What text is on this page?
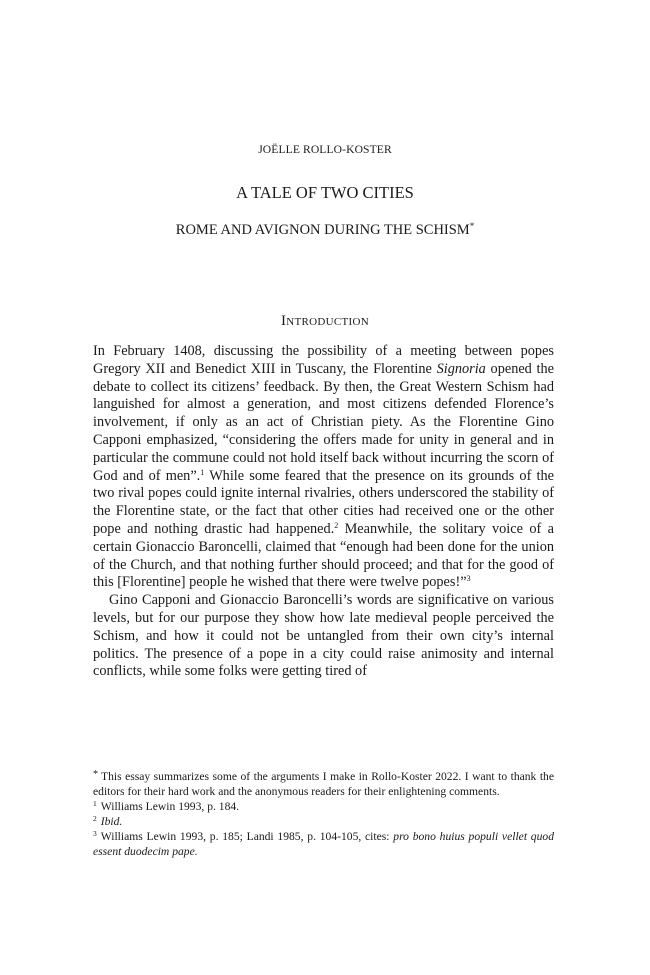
JOËLLE ROLLO-KOSTER

A TALE OF TWO CITIES
ROME AND AVIGNON DURING THE SCHISM*
Introduction

In February 1408, discussing the possibility of a meeting between popes Gregory XII and Benedict XIII in Tuscany, the Florentine Signoria opened the debate to collect its citizens’ feedback. By then, the Great Western Schism had languished for almost a generation, and most citizens defended Florence’s involvement, if only as an act of Christian piety. As the Florentine Gino Capponi emphasized, “considering the offers made for unity in general and in particular the commune could not hold itself back without incurring the scorn of God and of men”.$^1$ While some feared that the presence on its grounds of the two rival popes could ignite internal rivalries, others underscored the stability of the Florentine state, or the fact that other cities had received one or the other pope and nothing drastic had happened.$^2$ Meanwhile, the solitary voice of a certain Gionaccio Baroncelli, claimed that “enough had been done for the union of the Church, and that nothing further should proceed; and that for the good of this [Florentine] people he wished that there were twelve popes!”$^3$

Gino Capponi and Gionaccio Baroncelli’s words are significative on various levels, but for our purpose they show how late medieval people perceived the Schism, and how it could not be untangled from their own city’s internal politics. The presence of a pope in a city could raise animosity and internal conflicts, while some folks were getting tired of

* This essay summarizes some of the arguments I make in Rollo-Koster 2022. I want to thank the editors for their hard work and the anonymous readers for their enlightening comments.

$^1$ Williams Lewin 1993, p. 184.

$^2$ Ibid.

$^3$ Williams Lewin 1993, p. 185; Landi 1985, p. 104-105, cites: pro bono huius populi vellet quod essent duodecim pape.
